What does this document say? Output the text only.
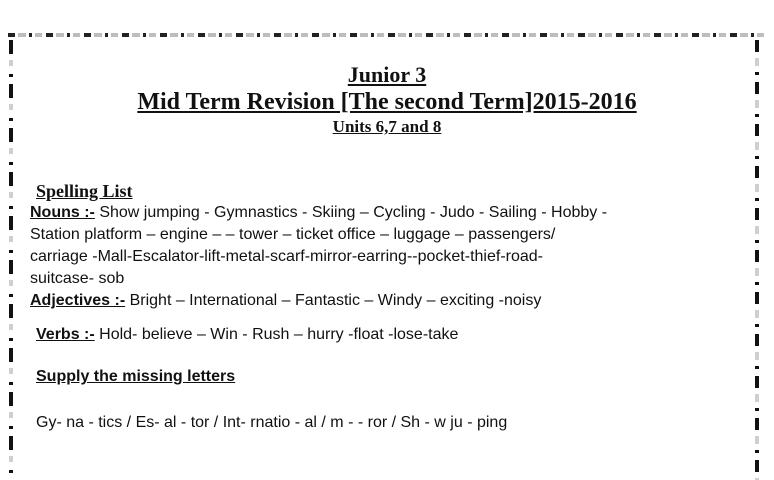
Junior 3
Mid Term Revision [The second Term]2015-2016
Units 6,7 and 8
Spelling List
Nouns :- Show jumping - Gymnastics - Skiing – Cycling - Judo - Sailing - Hobby -
Station platform – engine – – tower – ticket office – luggage – passengers/
carriage -Mall-Escalator-lift-metal-scarf-mirror-earring--pocket-thief-road-
suitcase- sob
Adjectives :- Bright – International – Fantastic – Windy – exciting -noisy
Verbs :- Hold- believe – Win - Rush – hurry -float -lose-take
Supply the missing letters
Gy- na - tics / Es- al - tor / Int- rnatio - al / m - - ror / Sh - w ju - ping
